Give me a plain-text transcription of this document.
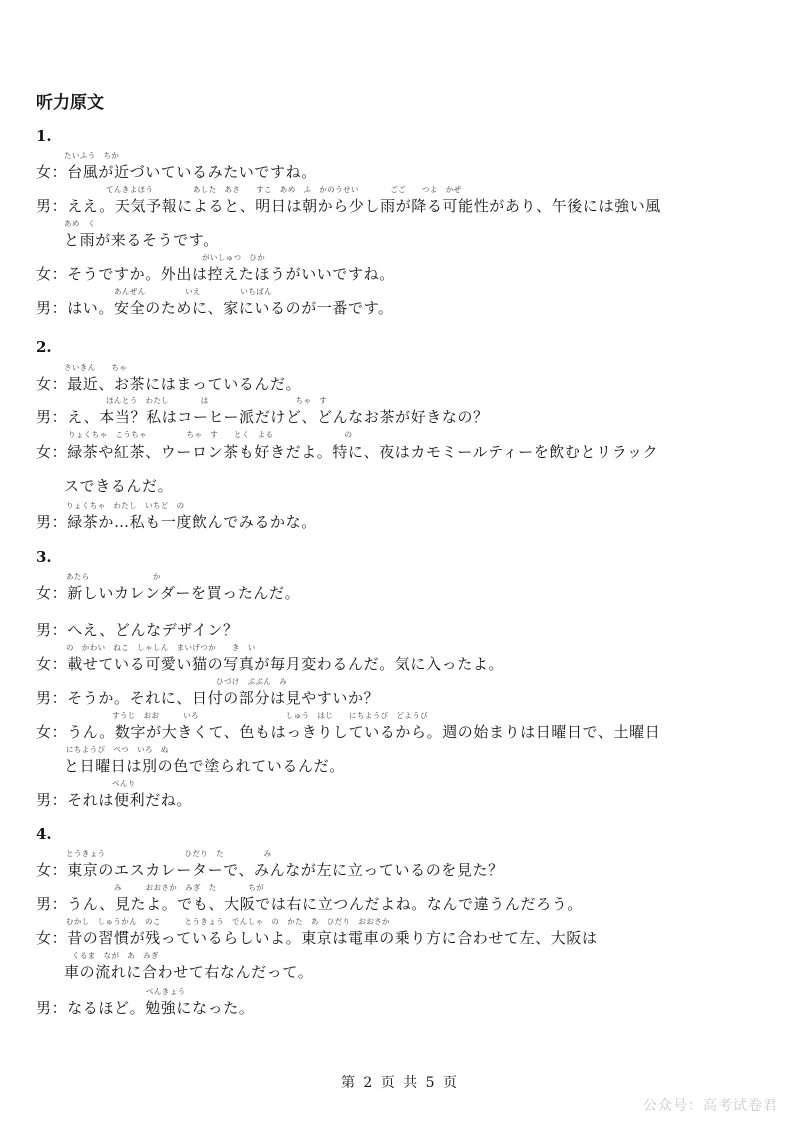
听力原文
1.
たいふう　ちか
女：台風が近づいているみたいですね。
てんきよほう　　　　　あした　あさ　　すこ　あめ　ふ　かのうせい　　　　ごご　　つよ　かぜ
男：ええ。天気予報によると、明日は朝から少し雨が降る可能性があり、午後には強い風
あめ　く
と雨が来るそうです。
がいしゅつ　ひか
女：そうですか。外出は控えたほうがいいですね。
あんぜん　　　　　いえ　　　　　いちばん
男：はい。安全のために、家にいるのが一番です。
2.
さいきん　　ちゃ
女：最近、お茶にはまっているんだ。
ほんとう　わたし　　　　は　　　　　　　　　　　ちゃ　す
男：え、本当？私はコーヒー派だけど、どんなお茶が好きなの？
りょくちゃ　こうちゃ　　　　　ちゃ　す　　とく　よる　　　　　　　　　の
女：緑茶や紅茶、ウーロン茶も好きだよ。特に、夜はカモミールティーを飲むとリラック
スできるんだ。
りょくちゃ　わたし　いちど　の
男：緑茶か…私も一度飲んでみるかな。
3.
あたら　　　　　　　　か
女：新しいカレンダーを買ったんだ。
男：へえ、どんなデザイン？
の　かわい　ねこ　しゃしん　まいげつか　　き　い
女：載せている可愛い猫の写真が毎月変わるんだ。気に入ったよ。
ひづけ　ぶぶん　み
男：そうか。それに、日付の部分は見やすいか？
すうじ　おお　　　いろ　　　　　　　　　　　しゅう　はじ　　にちようび　どようび
女：うん。数字が大きくて、色もはっきりしているから。週の始まりは日曜日で、土曜日
にちようび　べつ　いろ　ぬ
と日曜日は別の色で塗られているんだ。
べんり
男：それは便利だね。
4.
とうきょう　　　　　　　　　　ひだり　た　　　　　み
女：東京のエスカレーターで、みんなが左に立っているのを見た？
み　　　おおさか　みぎ　た　　　　ちが
男：うん、見たよ。でも、大阪では右に立つんだよね。なんで違うんだろう。
むかし　しゅうかん　のこ　　　とうきょう　でんしゃ　の　かた　あ　ひだり　おおさか
女：昔の習慣が残っているらしいよ。東京は電車の乗り方に合わせて左、大阪は
くるま　なが　あ　みぎ
車の流れに合わせて右なんだって。
べんきょう
男：なるほど。勉強になった。
第 2 页 共 5 页
公众号：高考试卷君
